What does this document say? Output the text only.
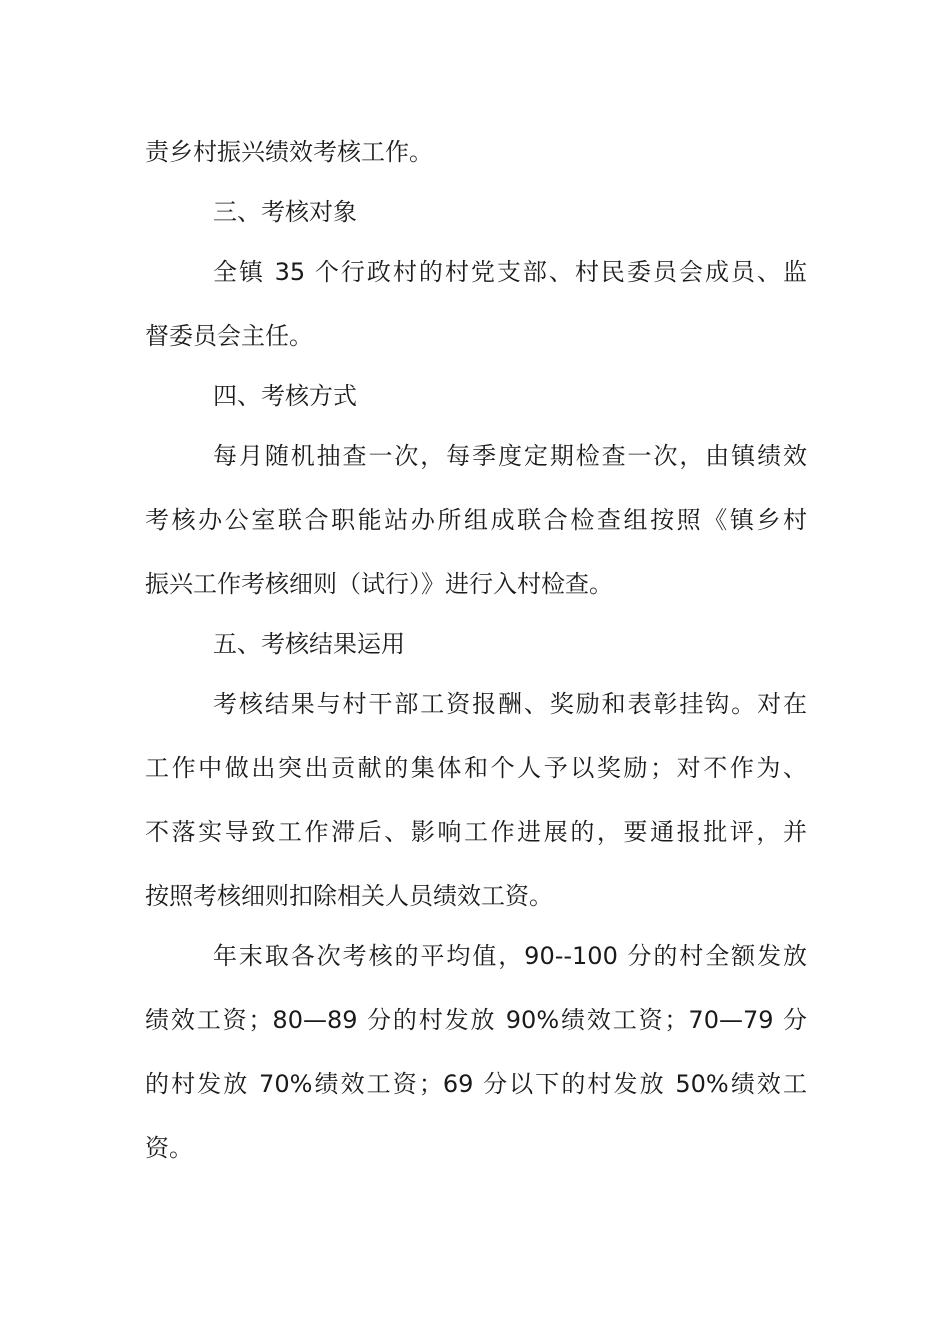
责乡村振兴绩效考核工作。
三、考核对象
全镇 35 个行政村的村党支部、村民委员会成员、监
督委员会主任。
四、考核方式
每月随机抽查一次，每季度定期检查一次，由镇绩效
考核办公室联合职能站办所组成联合检查组按照《镇乡村
振兴工作考核细则（试行）》进行入村检查。
五、考核结果运用
考核结果与村干部工资报酬、奖励和表彰挂钩。对在
工作中做出突出贡献的集体和个人予以奖励；对不作为、
不落实导致工作滞后、影响工作进展的，要通报批评，并
按照考核细则扣除相关人员绩效工资。
年末取各次考核的平均值，90--100 分的村全额发放
绩效工资；80—89 分的村发放 90%绩效工资；70—79 分
的村发放 70%绩效工资；69 分以下的村发放 50%绩效工
资。
